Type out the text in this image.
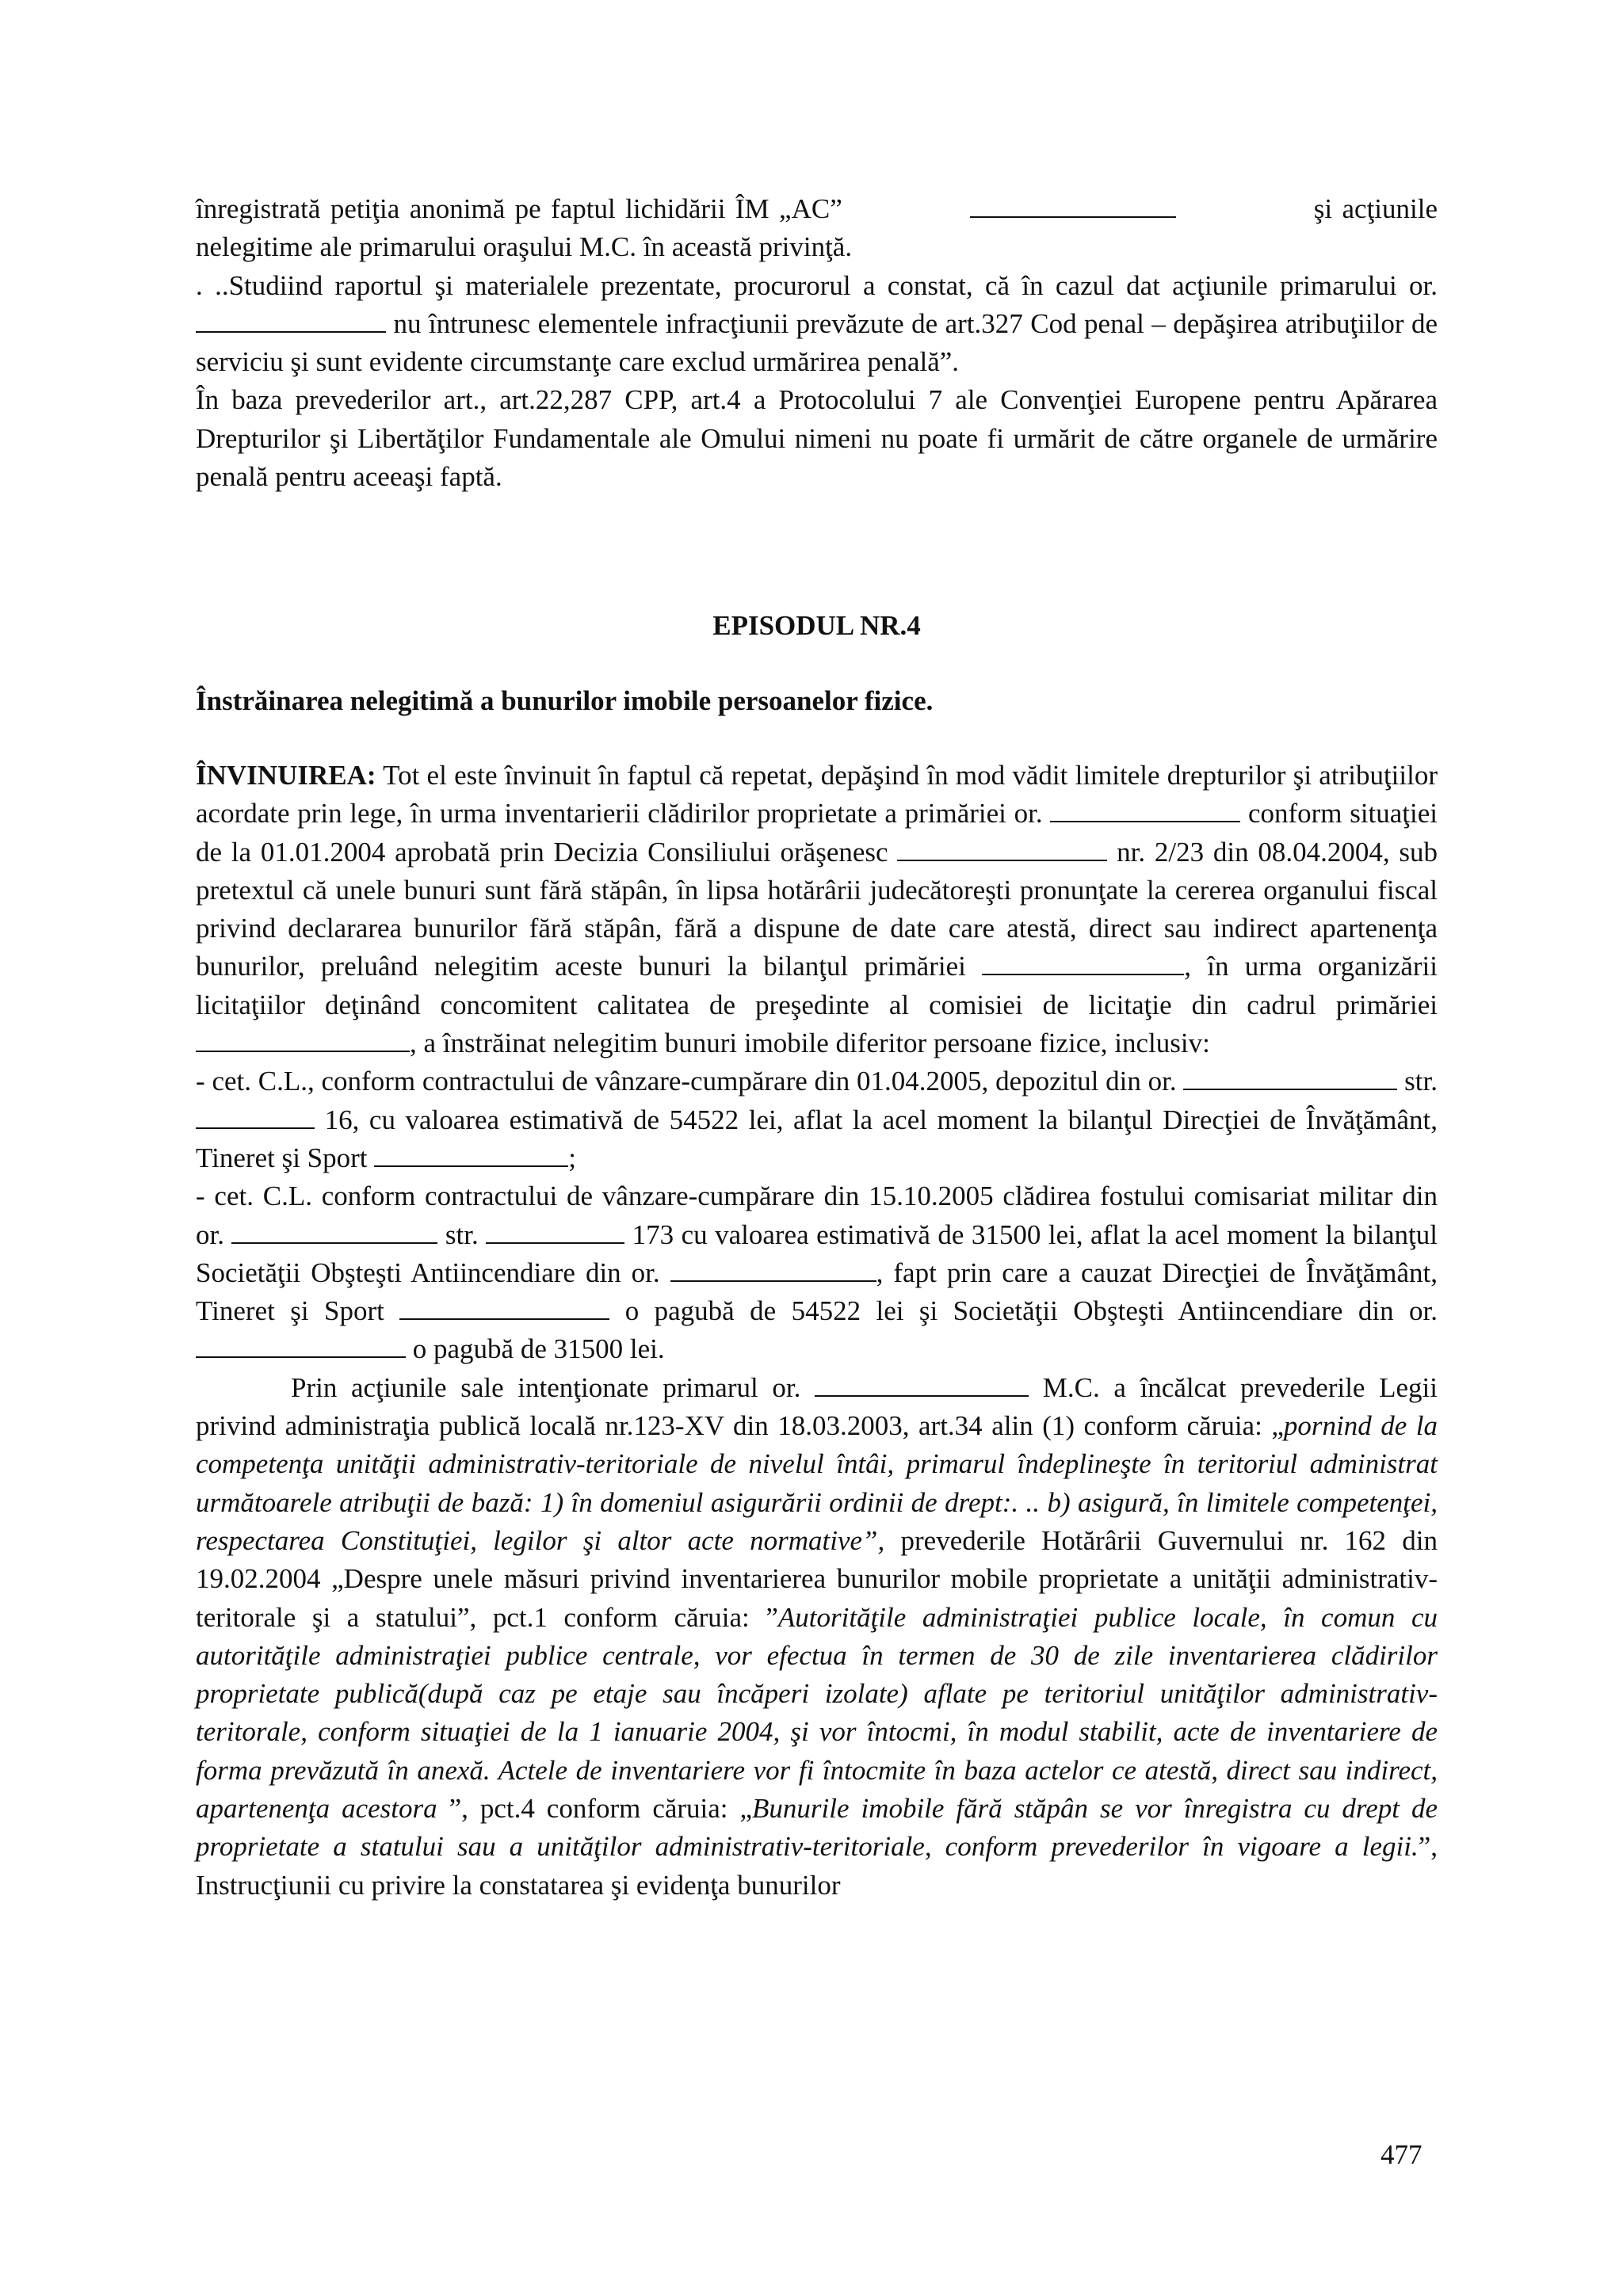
înregistrată petiţia anonimă pe faptul lichidării ÎM „AC”	şi acţiunile nelegitime ale primarului oraşului M.C. în această privinţă.

. ..Studiind raportul şi materialele prezentate, procurorul a constat, că în cazul dat acţiunile primarului or.  nu întrunesc elementele infracţiunii prevăzute de art.327 Cod penal – depăşirea atribuţiilor de serviciu şi sunt evidente circumstanţe care exclud urmărirea penală”.

În baza prevederilor art., art.22,287 CPP, art.4 a Protocolului 7 ale Convenţiei Europene pentru Apărarea Drepturilor şi Libertăţilor Fundamentale ale Omului nimeni nu poate fi urmărit de către organele de urmărire penală pentru aceeaşi faptă.

EPISODUL NR.4

Înstrăinarea nelegitimă a bunurilor imobile persoanelor fizice.

ÎNVINUIREA: Tot el este învinuit în faptul că repetat, depăşind în mod vădit limitele drepturilor şi atribuţiilor acordate prin lege, în urma inventarierii clădirilor proprietate a primăriei or.	conform situaţiei de la 01.01.2004 aprobată prin Decizia Consiliului orăşenesc	nr. 2/23 din 08.04.2004, sub pretextul că unele bunuri sunt fără stăpân, în lipsa hotărârii judecătoreşti pronunţate la cererea organului fiscal privind declararea bunurilor fără stăpân, fără a dispune de date care atestă, direct sau indirect apartenenţa bunurilor, preluând nelegitim aceste bunuri la bilanţul primăriei	, în urma organizării licitaţiilor deţinând concomitent calitatea de preşedinte al comisiei de licitaţie din cadrul primăriei , a înstrăinat nelegitim bunuri imobile diferitor persoane fizice, inclusiv:

- cet. C.L., conform contractului de vânzare-cumpărare din 01.04.2005, depozitul din or.	str.  16, cu valoarea estimativă de 54522 lei, aflat la acel moment la bilanţul Direcţiei de Învăţământ, Tineret şi Sport	;

- cet. C.L. conform contractului de vânzare-cumpărare din 15.10.2005 clădirea fostului comisariat militar din or.	str.	173 cu valoarea estimativă de 31500 lei, aflat la acel moment la bilanţul Societăţii Obşteşti Antiincendiare din or.	, fapt prin care a cauzat Direcţiei de Învăţământ, Tineret şi Sport	o pagubă de 54522 lei şi Societăţii Obşteşti Antiincendiare din or.  o pagubă de 31500 lei.

Prin acţiunile sale intenţionate primarul or.	M.C. a încălcat prevederile Legii privind administraţia publică locală nr.123-XV din 18.03.2003, art.34 alin (1) conform căruia: „pornind de la competenţa unităţii administrativ-teritoriale de nivelul întâi, primarul îndeplineşte în teritoriul administrat următoarele atribuţii de bază: 1) în domeniul asigurării ordinii de drept:. .. b) asigură, în limitele competenţei, respectarea Constituţiei, legilor şi altor acte normative”, prevederile Hotărârii Guvernului nr. 162 din 19.02.2004 „Despre unele măsuri privind inventarierea bunurilor mobile proprietate a unităţii administrativ-teritorale şi a statului”, pct.1 conform căruia: ”Autorităţile administraţiei publice locale, în comun cu autorităţile administraţiei publice centrale, vor efectua în termen de 30 de zile inventarierea clădirilor proprietate publică(după caz pe etaje sau încăperi izolate) aflate pe teritoriul unităţilor administrativ-teritorale, conform situaţiei de la 1 ianuarie 2004, şi vor întocmi, în modul stabilit, acte de inventariere de forma prevăzută în anexă. Actele de inventariere vor fi întocmite în baza actelor ce atestă, direct sau indirect, apartenenţa acestora ”, pct.4 conform căruia: „Bunurile imobile fără stăpân se vor înregistra cu drept de proprietate a statului sau a unităţilor administrativ-teritoriale, conform prevederilor în vigoare a legii.”, Instrucţiunii cu privire la constatarea şi evidenţa bunurilor

477
